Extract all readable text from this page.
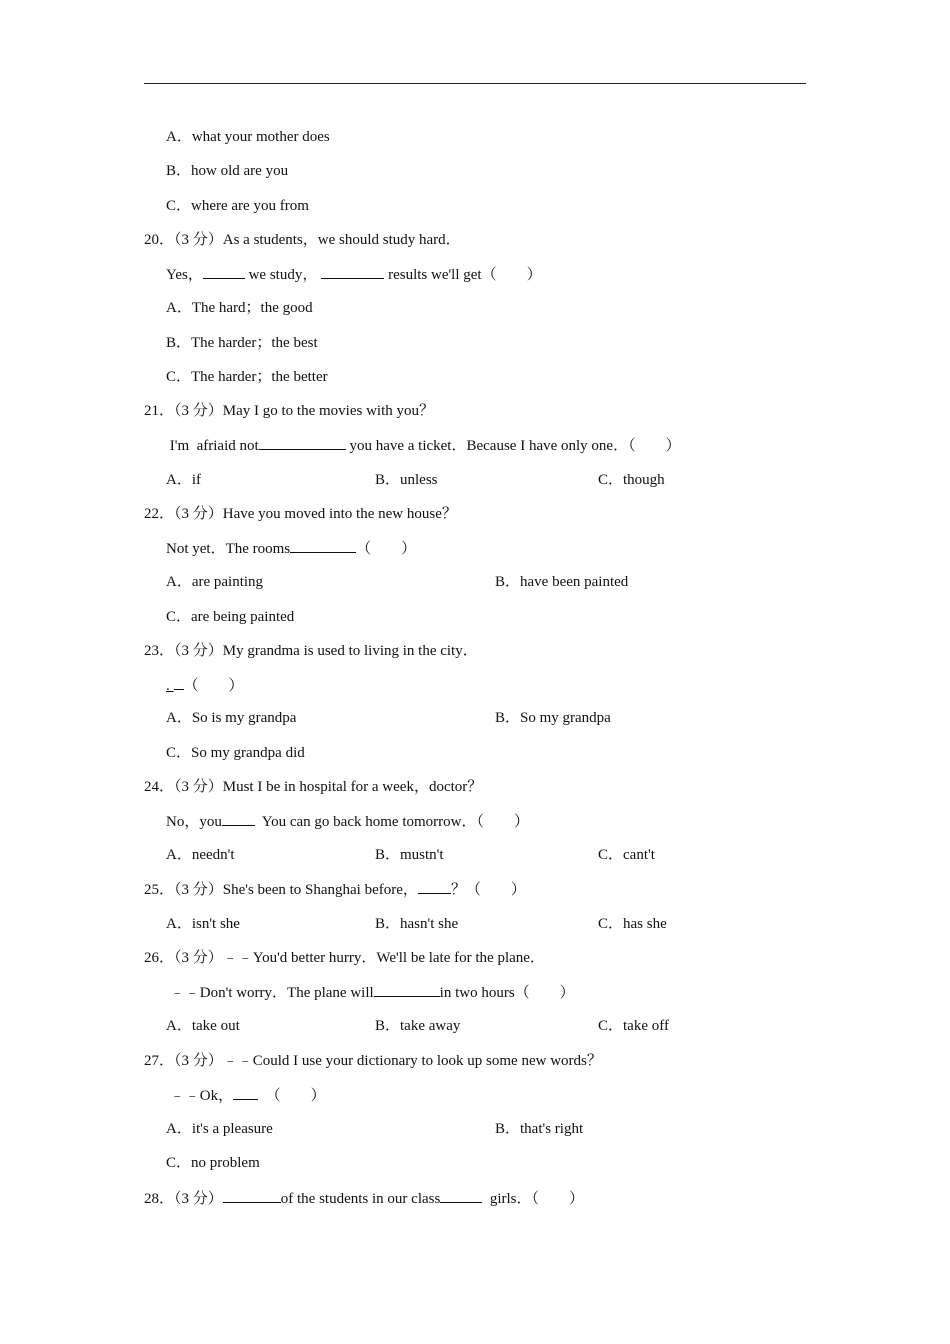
A．what your mother does
B．how old are you
C．where are you from
20．（3 分）As a students，we should study hard．
Yes，	we study，	results we'll get（　　）
A．The hard；the good
B．The harder；the best
C．The harder；the better
21．（3 分）May I go to the movies with you？
I'm  afriaid not	you have a ticket．Because I have only one．（　　）
A．if	B．unless	C．though
22．（3 分）Have you moved into the new house？
Not yet．The rooms	（　　）
A．are painting	B．have been painted
C．are being painted
23．（3 分）My grandma is used to living in the city．
. （　　）
A．So is my grandpa	B．So my grandpa
C．So my grandpa did
24．（3 分）Must I be in hospital for a week，doctor？
No，you  You can go back home tomorrow．（　　）
A．needn't	B．mustn't	C．cant't
25．（3 分）She's been to Shanghai before， ？（　　）
A．isn't she	B．hasn't she	C．has she
26．（3 分）﹣﹣You'd better hurry．We'll be late for the plane．
﹣﹣Don't worry．The plane will	in two hours（　　）
A．take out	B．take away	C．take off
27．（3 分）﹣﹣Could I use your dictionary to look up some new words？
﹣﹣Ok，　（　　）
A．it's a pleasure	B．that's right
C．no problem
28．（3 分）	of the students in our class	girls．（　　）
